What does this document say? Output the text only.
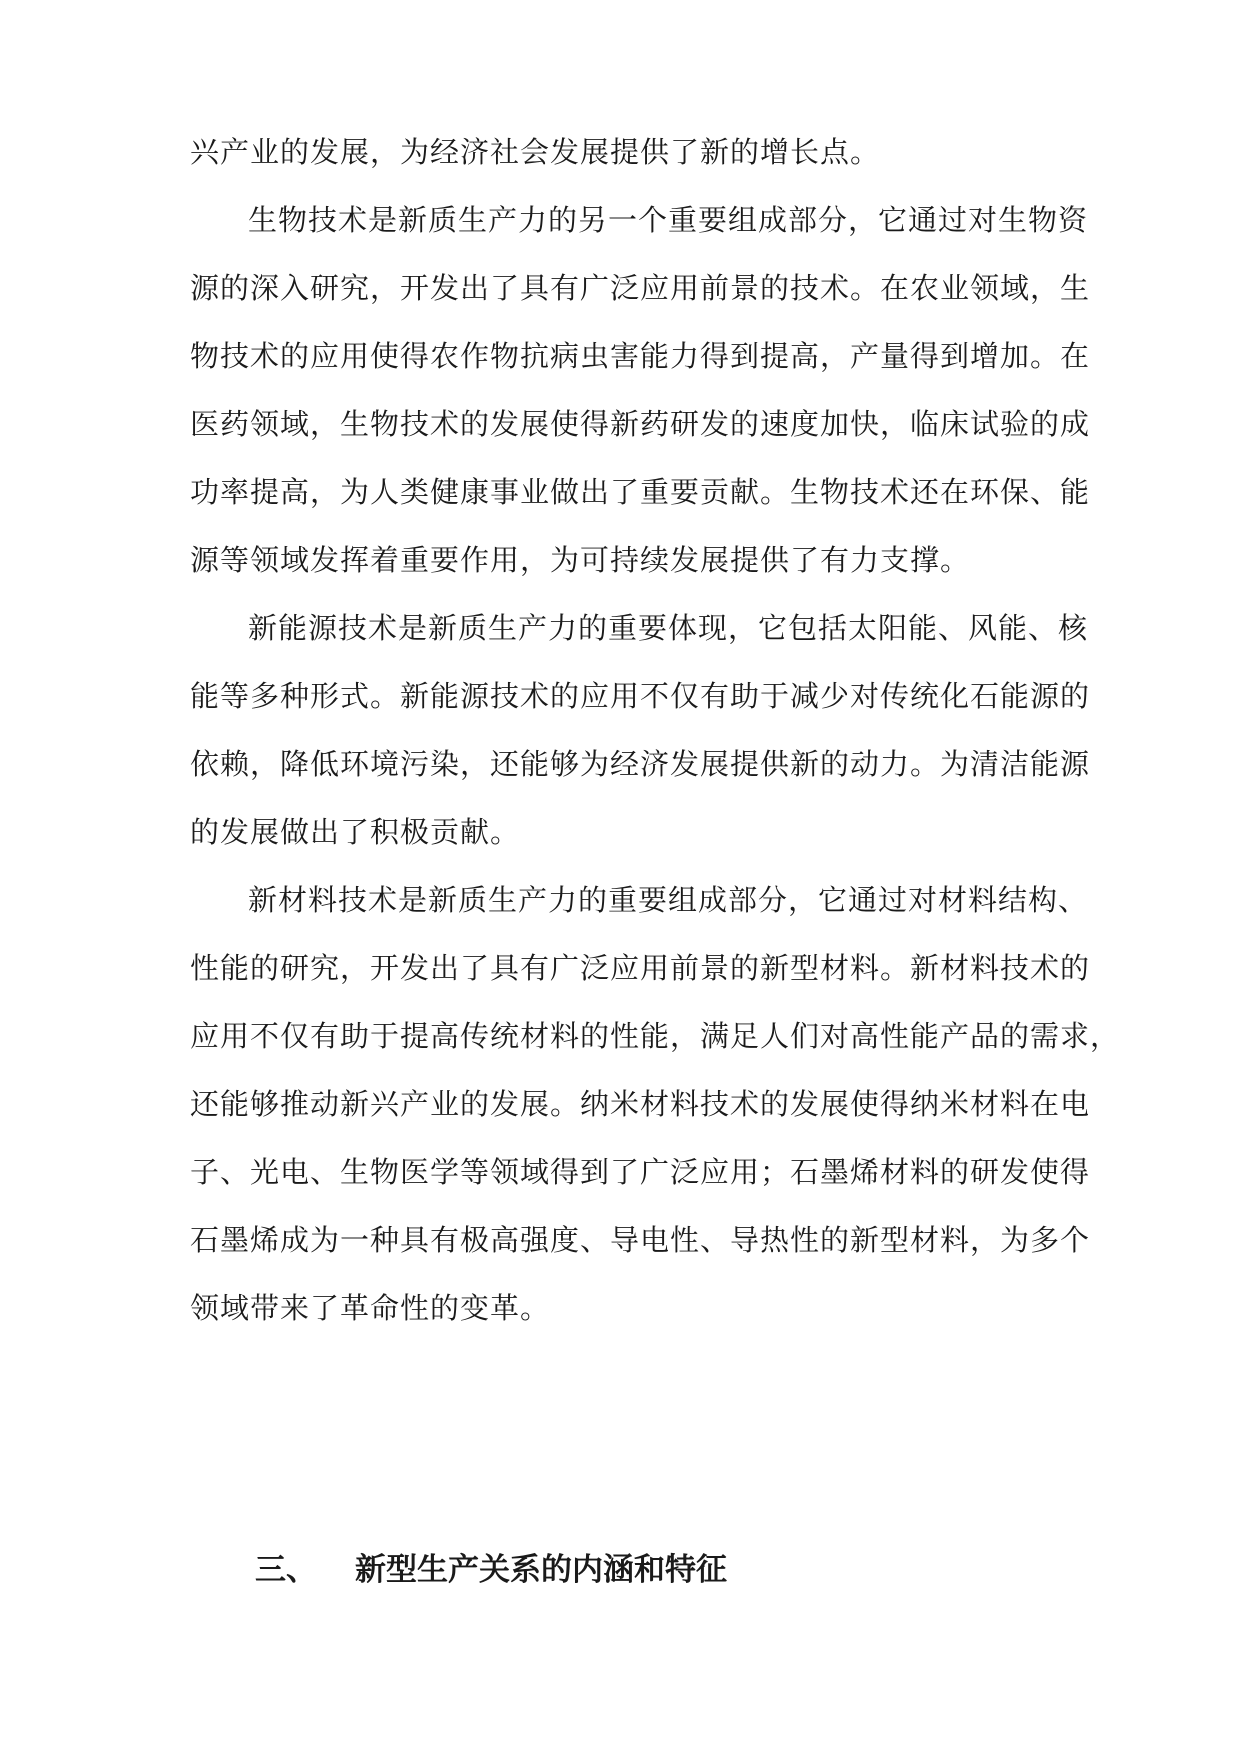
兴产业的发展，为经济社会发展提供了新的增长点。
生物技术是新质生产力的另一个重要组成部分，它通过对生物资
源的深入研究，开发出了具有广泛应用前景的技术。在农业领域，生
物技术的应用使得农作物抗病虫害能力得到提高，产量得到增加。在
医药领域，生物技术的发展使得新药研发的速度加快，临床试验的成
功率提高，为人类健康事业做出了重要贡献。生物技术还在环保、能
源等领域发挥着重要作用，为可持续发展提供了有力支撑。
新能源技术是新质生产力的重要体现，它包括太阳能、风能、核
能等多种形式。新能源技术的应用不仅有助于减少对传统化石能源的
依赖，降低环境污染，还能够为经济发展提供新的动力。为清洁能源
的发展做出了积极贡献。
新材料技术是新质生产力的重要组成部分，它通过对材料结构、
性能的研究，开发出了具有广泛应用前景的新型材料。新材料技术的
应用不仅有助于提高传统材料的性能，满足人们对高性能产品的需求，
还能够推动新兴产业的发展。纳米材料技术的发展使得纳米材料在电
子、光电、生物医学等领域得到了广泛应用；石墨烯材料的研发使得
石墨烯成为一种具有极高强度、导电性、导热性的新型材料，为多个
领域带来了革命性的变革。
三、 新型生产关系的内涵和特征
